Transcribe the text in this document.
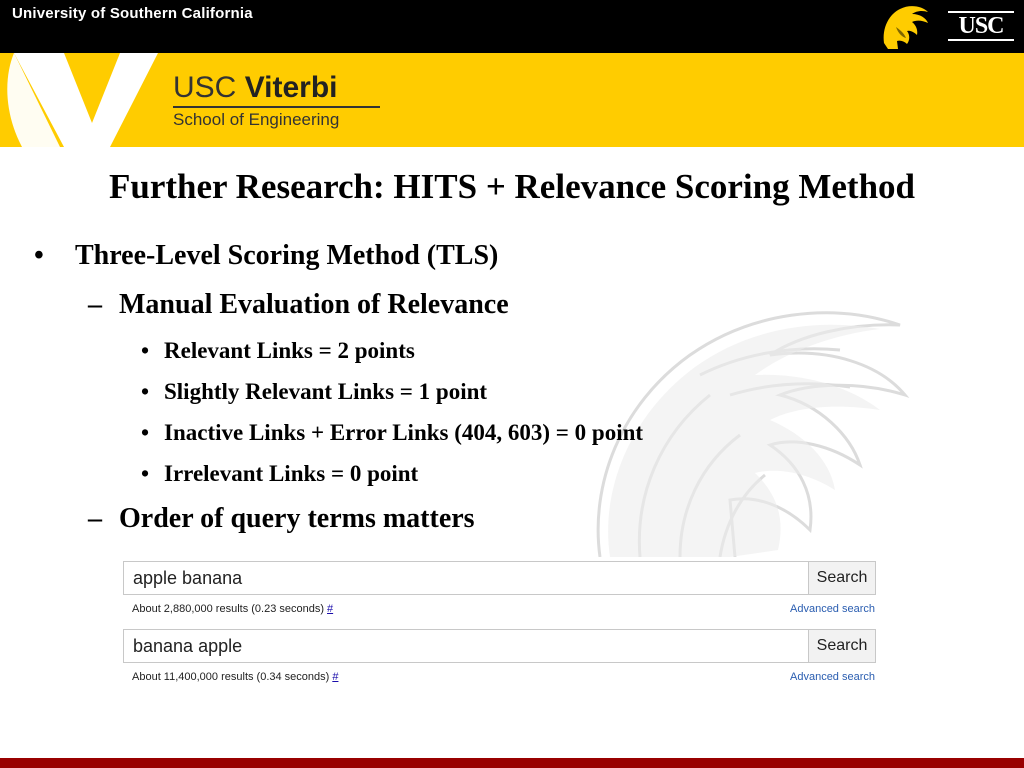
University of Southern California	USC
USC Viterbi
School of Engineering
Further Research: HITS + Relevance Scoring Method
• Three-Level Scoring Method (TLS)
– Manual Evaluation of Relevance
• Relevant Links = 2 points
• Slightly Relevant Links = 1 point
• Inactive Links + Error Links (404, 603) = 0 point
• Irrelevant Links = 0 point
– Order of query terms matters
apple banana	Search
About 2,880,000 results (0.23 seconds) #	Advanced search
banana apple	Search
About 11,400,000 results (0.34 seconds) #	Advanced search
